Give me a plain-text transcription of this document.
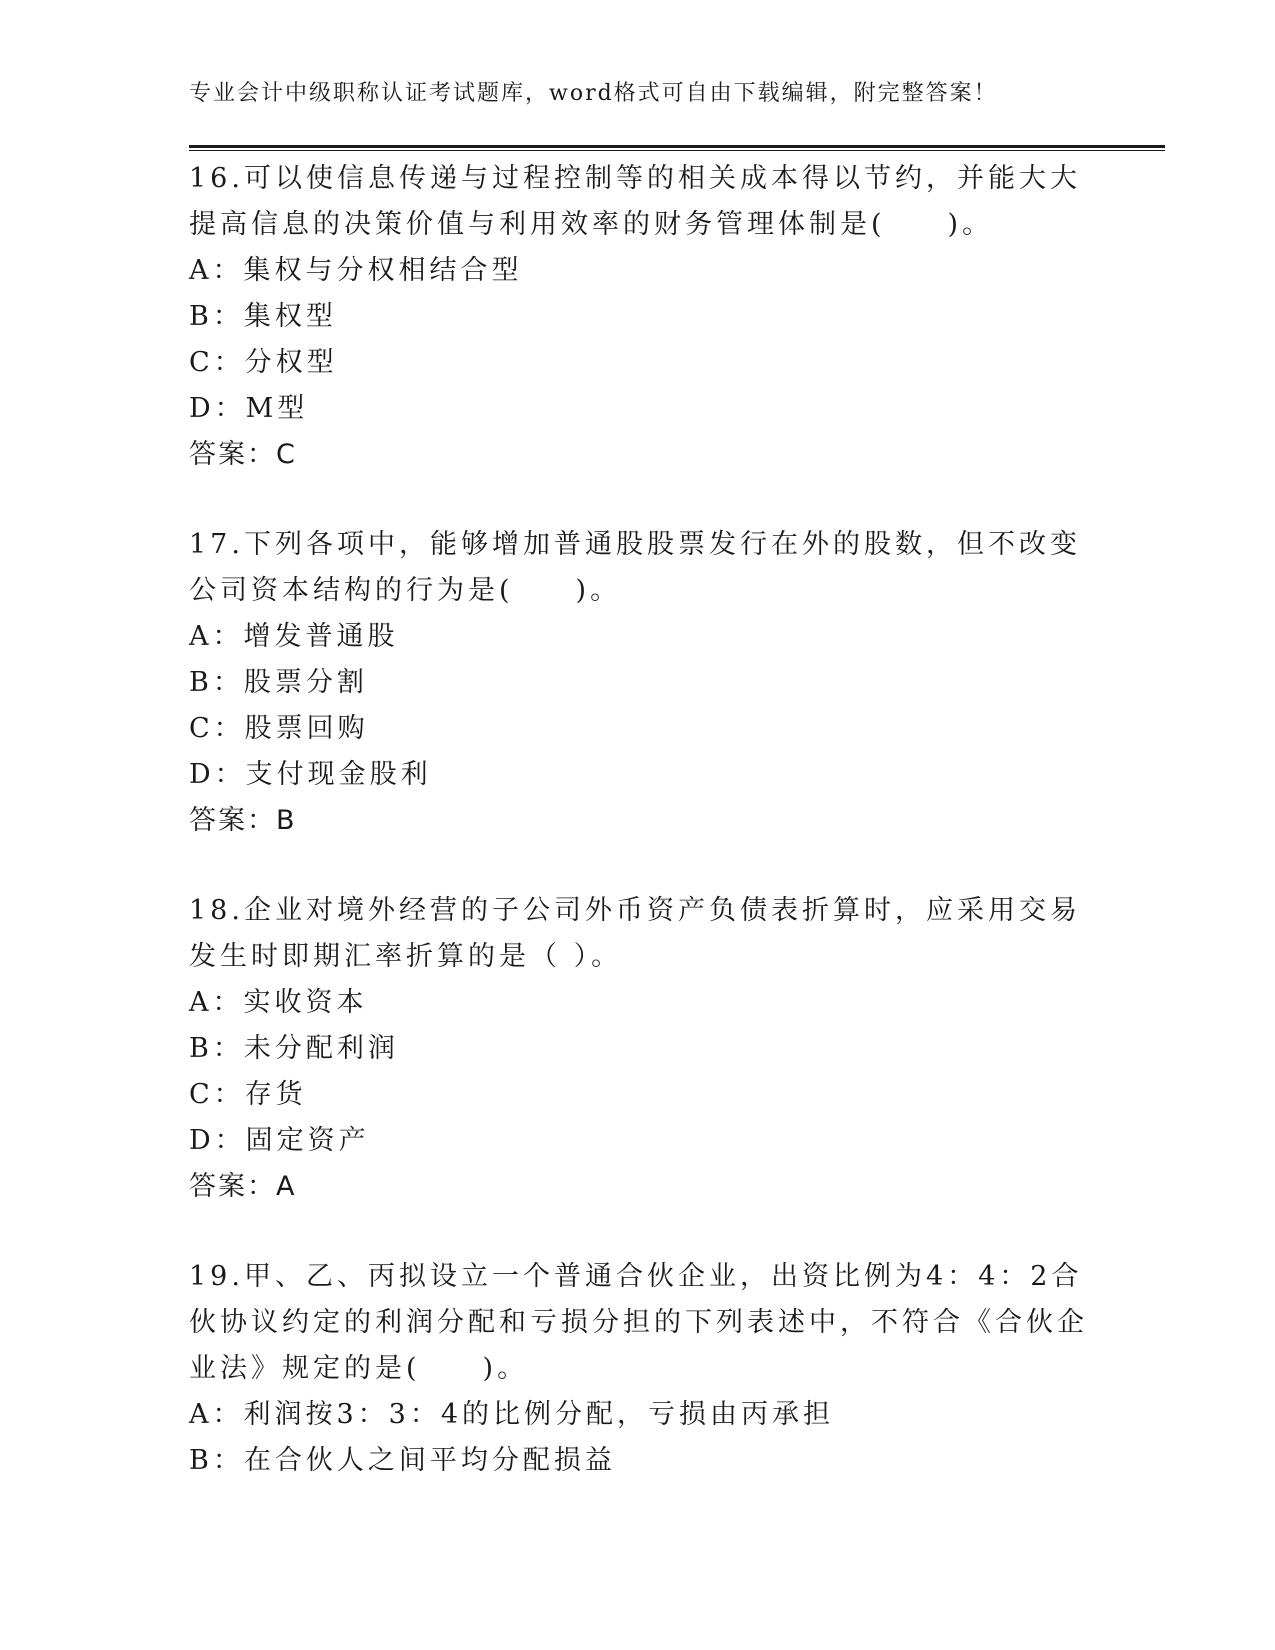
专业会计中级职称认证考试题库，word格式可自由下载编辑，附完整答案！

16.可以使信息传递与过程控制等的相关成本得以节约，并能大大提高信息的决策价值与利用效率的财务管理体制是(　　)。

A：集权与分权相结合型

B：集权型

C：分权型

D：M型

答案：C

17.下列各项中，能够增加普通股股票发行在外的股数，但不改变公司资本结构的行为是(　　)。

A：增发普通股

B：股票分割

C：股票回购

D：支付现金股利

答案：B

18.企业对境外经营的子公司外币资产负债表折算时，应采用交易发生时即期汇率折算的是（ ）。

A：实收资本

B：未分配利润

C：存货

D：固定资产

答案：A

19.甲、乙、丙拟设立一个普通合伙企业，出资比例为4：4：2合伙协议约定的利润分配和亏损分担的下列表述中，不符合《合伙企业法》规定的是(　　)。

A：利润按3：3：4的比例分配，亏损由丙承担

B：在合伙人之间平均分配损益
